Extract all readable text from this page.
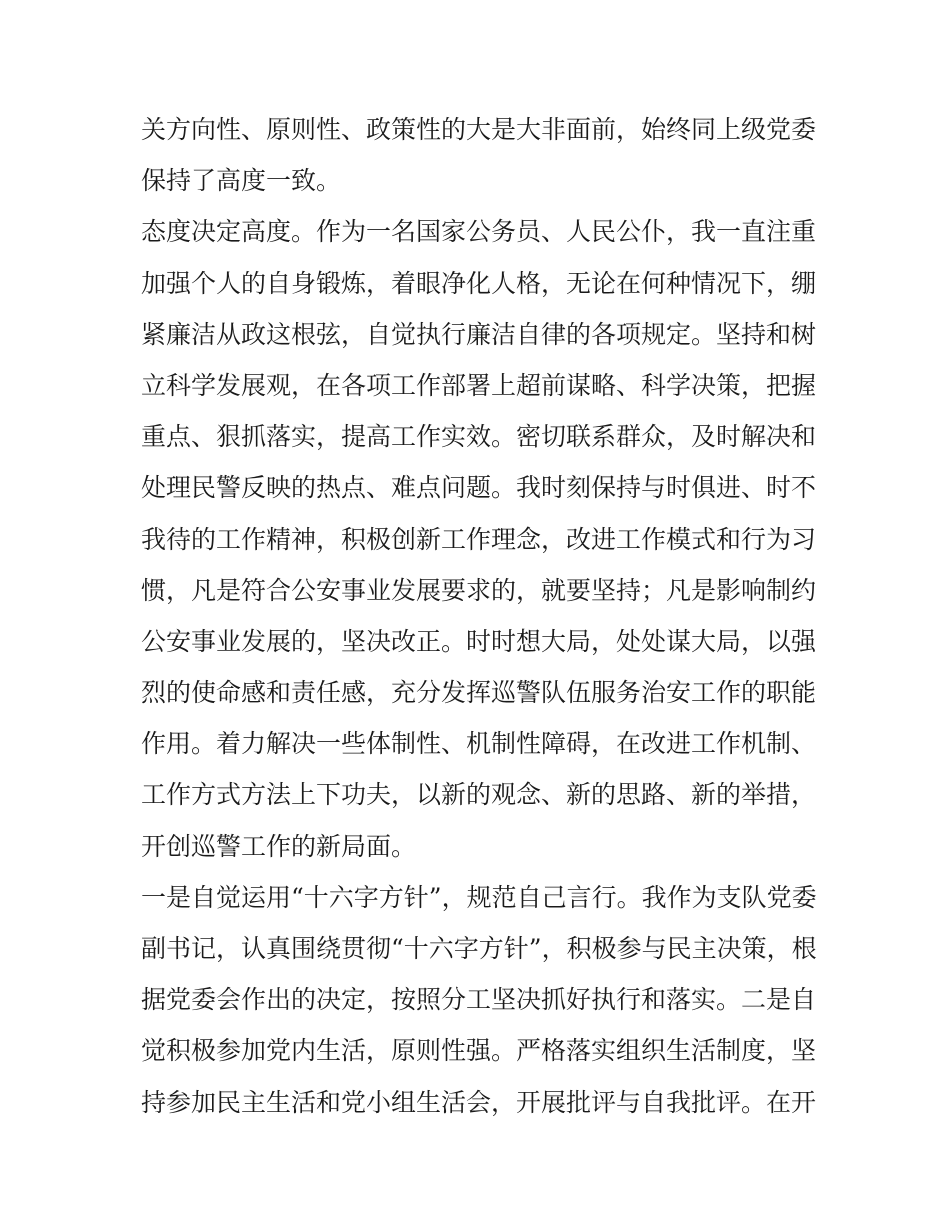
关方向性、原则性、政策性的大是大非面前，始终同上级党委
保持了高度一致。
态度决定高度。作为一名国家公务员、人民公仆，我一直注重
加强个人的自身锻炼，着眼净化人格，无论在何种情况下，绷
紧廉洁从政这根弦，自觉执行廉洁自律的各项规定。坚持和树
立科学发展观，在各项工作部署上超前谋略、科学决策，把握
重点、狠抓落实，提高工作实效。密切联系群众，及时解决和
处理民警反映的热点、难点问题。我时刻保持与时俱进、时不
我待的工作精神，积极创新工作理念，改进工作模式和行为习
惯，凡是符合公安事业发展要求的，就要坚持；凡是影响制约
公安事业发展的，坚决改正。时时想大局，处处谋大局，以强
烈的使命感和责任感，充分发挥巡警队伍服务治安工作的职能
作用。着力解决一些体制性、机制性障碍，在改进工作机制、
工作方式方法上下功夫，以新的观念、新的思路、新的举措，
开创巡警工作的新局面。
一是自觉运用“十六字方针”，规范自己言行。我作为支队党委
副书记，认真围绕贯彻“十六字方针”，积极参与民主决策，根
据党委会作出的决定，按照分工坚决抓好执行和落实。二是自
觉积极参加党内生活，原则性强。严格落实组织生活制度，坚
持参加民主生活和党小组生活会，开展批评与自我批评。在开
